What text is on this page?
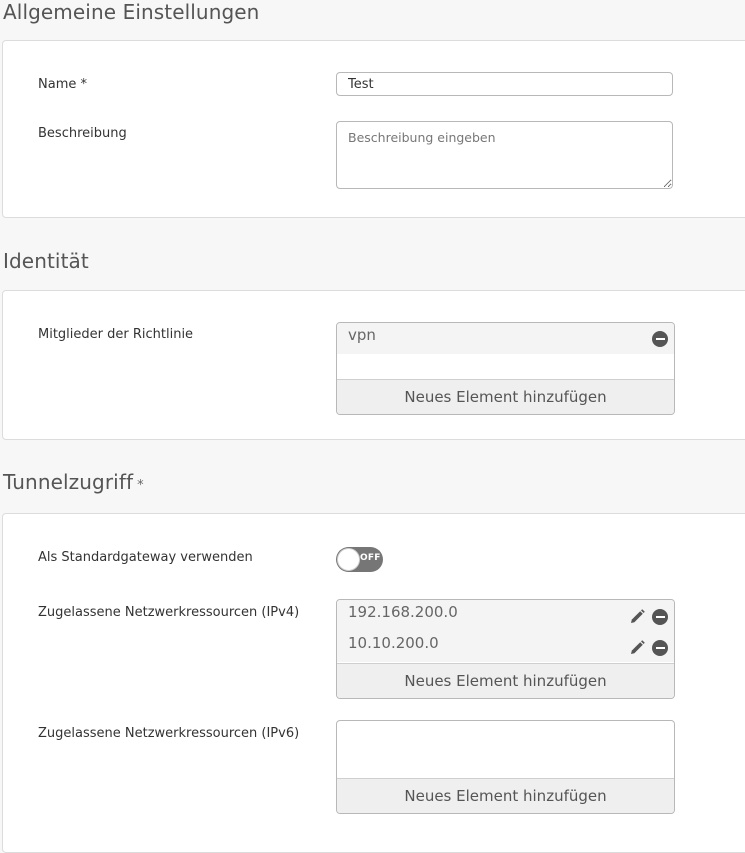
Allgemeine Einstellungen
Name *
Test
Beschreibung
Beschreibung eingeben
Identität
Mitglieder der Richtlinie	vpn
Neues Element hinzufügen
Tunnelzugriff *
Als Standardgateway verwenden	OFF
Zugelassene Netzwerkressourcen (IPv4)	192.168.200.0
10.10.200.0
Neues Element hinzufügen
Zugelassene Netzwerkressourcen (IPv6)
Neues Element hinzufügen
